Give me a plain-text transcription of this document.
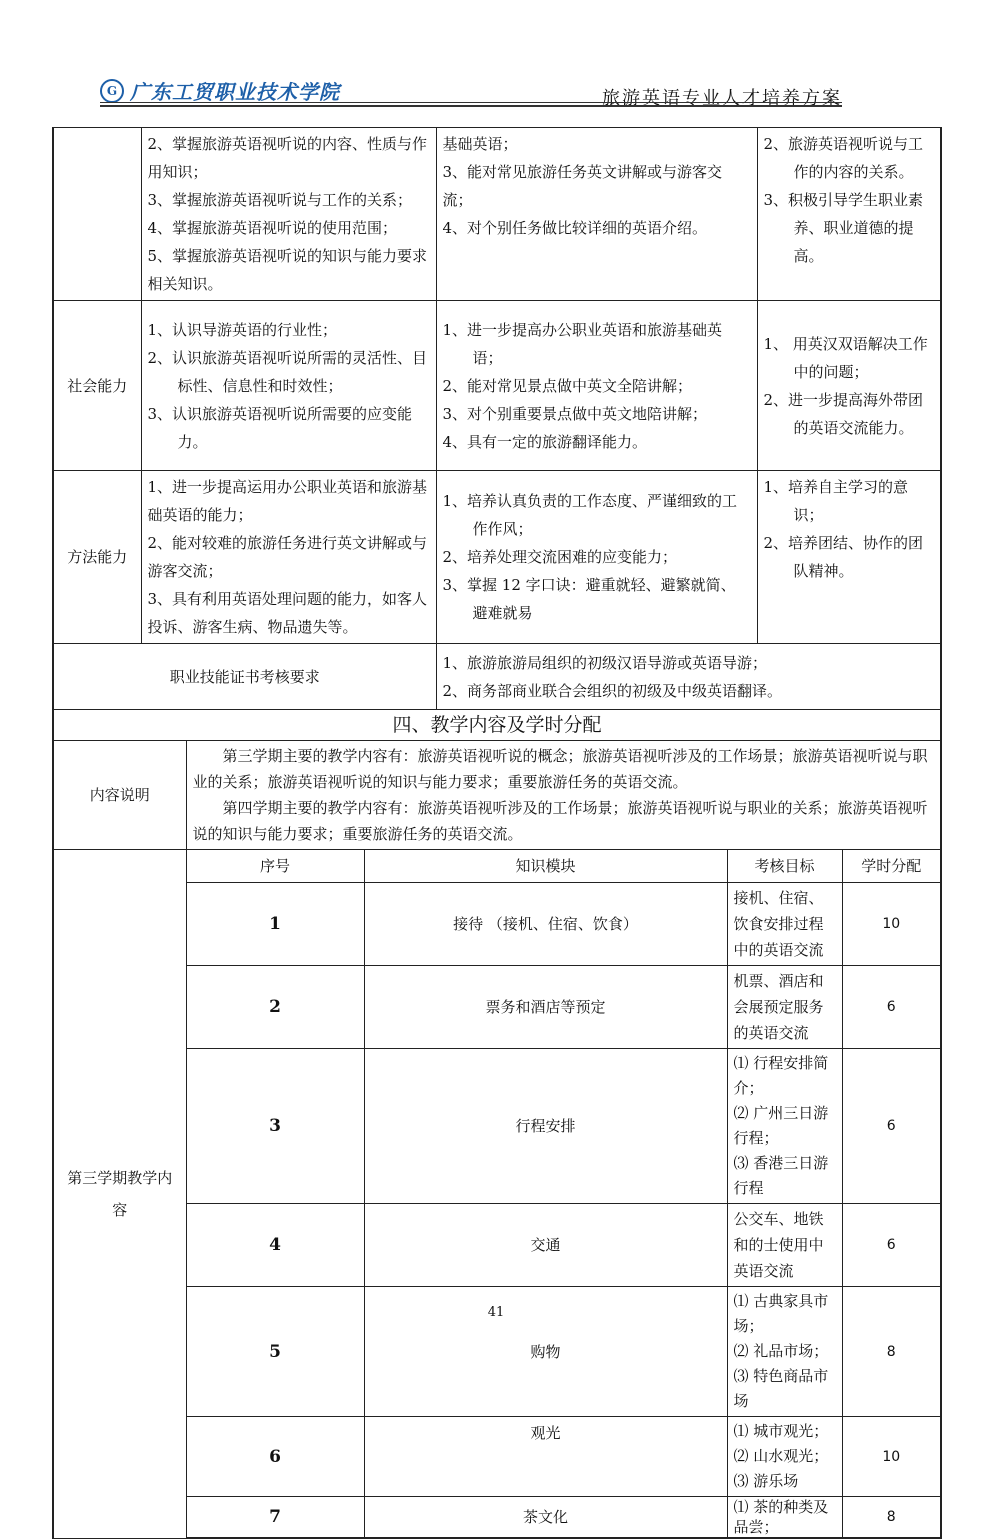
G 广东工贸职业技术学院	旅游英语专业人才培养方案

	2、掌握旅游英语视听说的内容、性质与作用知识；
3、掌握旅游英语视听说与工作的关系；
4、掌握旅游英语视听说的使用范围；
5、掌握旅游英语视听说的知识与能力要求相关知识。			基础英语；
3、能对常见旅游任务英文讲解或与游客交流；
4、对个别任务做比较详细的英语介绍。		2、旅游英语视听说与工作的内容的关系。
3、积极引导学生职业素养、职业道德的提高。	

社会能力	1、认识导游英语的行业性；
2、认识旅游英语视听说所需的灵活性、目标性、信息性和时效性；
3、认识旅游英语视听说所需要的应变能力。			1、进一步提高办公职业英语和旅游基础英语；
2、能对常见景点做中英文全陪讲解；
3、对个别重要景点做中英文地陪讲解；
4、具有一定的旅游翻译能力。		1、 用英汉双语解决工作中的问题；
2、进一步提高海外带团的英语交流能力。	

方法能力	1、进一步提高运用办公职业英语和旅游基础英语的能力；
2、能对较难的旅游任务进行英文讲解或与游客交流；
3、具有利用英语处理问题的能力，如客人投诉、游客生病、物品遗失等。			1、培养认真负责的工作态度、严谨细致的工作作风；
2、培养处理交流困难的应变能力；
3、掌握 12 字口诀：避重就轻、避繁就简、避难就易		1、培养自主学习的意识；
2、培养团结、协作的团队精神。	

职业技能证书考核要求				1、旅游旅游局组织的初级汉语导游或英语导游；
2、商务部商业联合会组织的初级及中级英语翻译。			

四、教学内容及学时分配							
内容说明		第三学期主要的教学内容有：旅游英语视听说的概念；旅游英语视听涉及的工作场景；旅游英语视听说与职业的关系；旅游英语视听说的知识与能力要求；重要旅游任务的英语交流。
第四学期主要的教学内容有：旅游英语视听涉及的工作场景；旅游英语视听说与职业的关系；旅游英语视听说的知识与能力要求；重要旅游任务的英语交流。					

第三学期教学内容		序号	知识模块		考核目标		学时分配
		1	接待 （接机、住宿、饮食）		接机、住宿、饮食安排过程中的英语交流		10
		2	票务和酒店等预定		机票、酒店和会展预定服务的英语交流		6
		3	行程安排		⑴ 行程安排简介；
⑵ 广州三日游行程；
⑶ 香港三日游行程		6
		4	交通		公交车、地铁和的士使用中英语交流		6
		5	购物		⑴ 古典家具市场；
⑵ 礼品市场；
⑶ 特色商品市场		8
		6	观光		⑴ 城市观光；
⑵ 山水观光；
⑶ 游乐场		10
		7	茶文化		⑴ 茶的种类及品尝；		8
41
